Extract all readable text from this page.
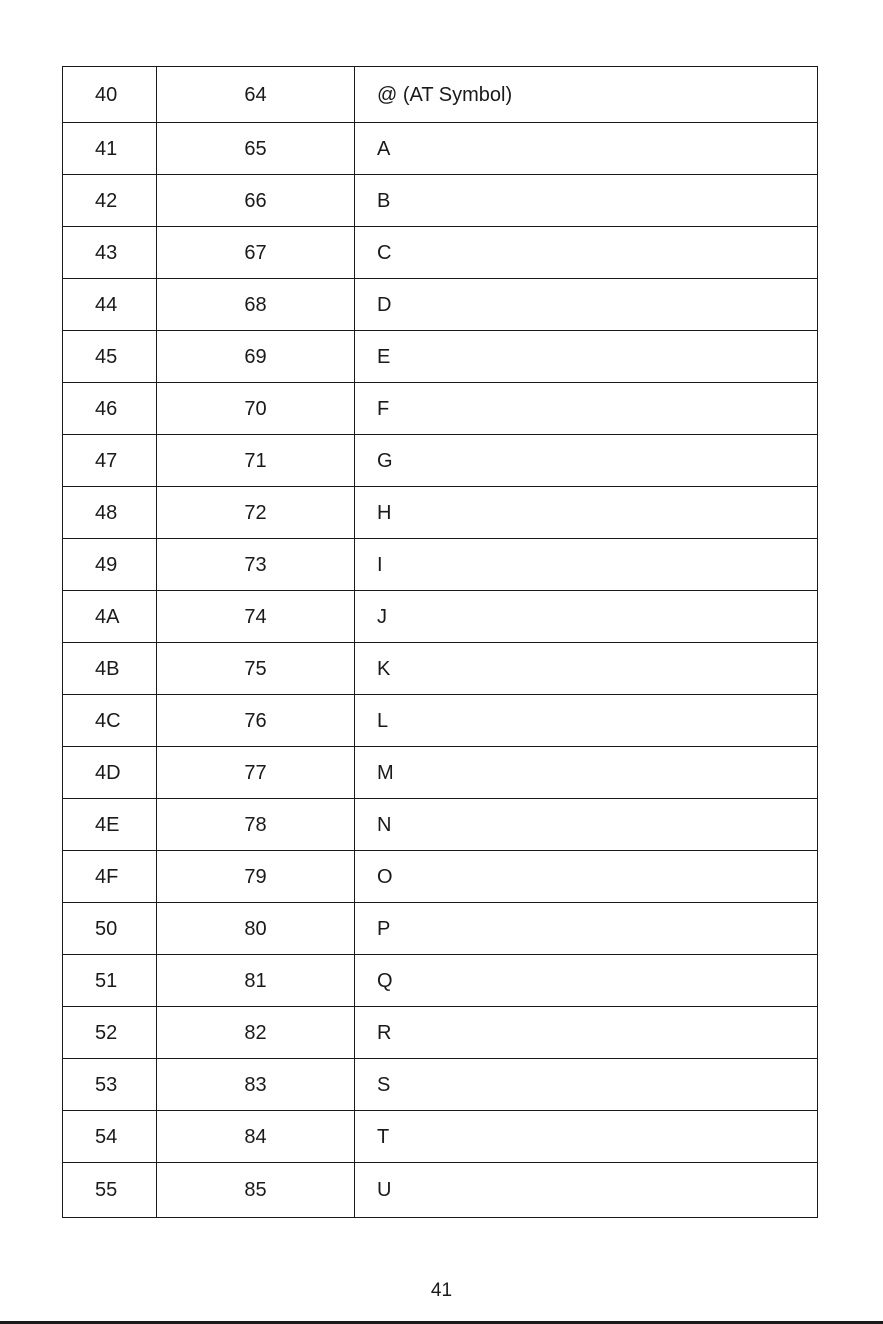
40	64	@ (AT Symbol)
41	65	A
42	66	B
43	67	C
44	68	D
45	69	E
46	70	F
47	71	G
48	72	H
49	73	I
4A	74	J
4B	75	K
4C	76	L
4D	77	M
4E	78	N
4F	79	O
50	80	P
51	81	Q
52	82	R
53	83	S
54	84	T
55	85	U
41
